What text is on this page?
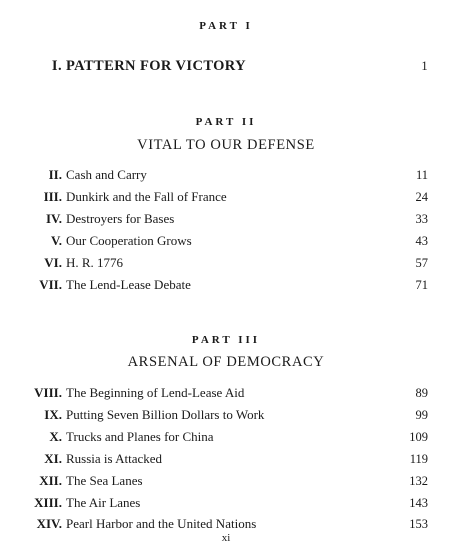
PART I
I. PATTERN FOR VICTORY	1
PART II
VITAL TO OUR DEFENSE
II. Cash and Carry	11
III. Dunkirk and the Fall of France	24
IV. Destroyers for Bases	33
V. Our Cooperation Grows	43
VI. H. R. 1776	57
VII. The Lend-Lease Debate	71
PART III
ARSENAL OF DEMOCRACY
VIII. The Beginning of Lend-Lease Aid	89
IX. Putting Seven Billion Dollars to Work	99
X. Trucks and Planes for China	109
XI. Russia is Attacked	119
XII. The Sea Lanes	132
XIII. The Air Lanes	143
XIV. Pearl Harbor and the United Nations	153
xi
